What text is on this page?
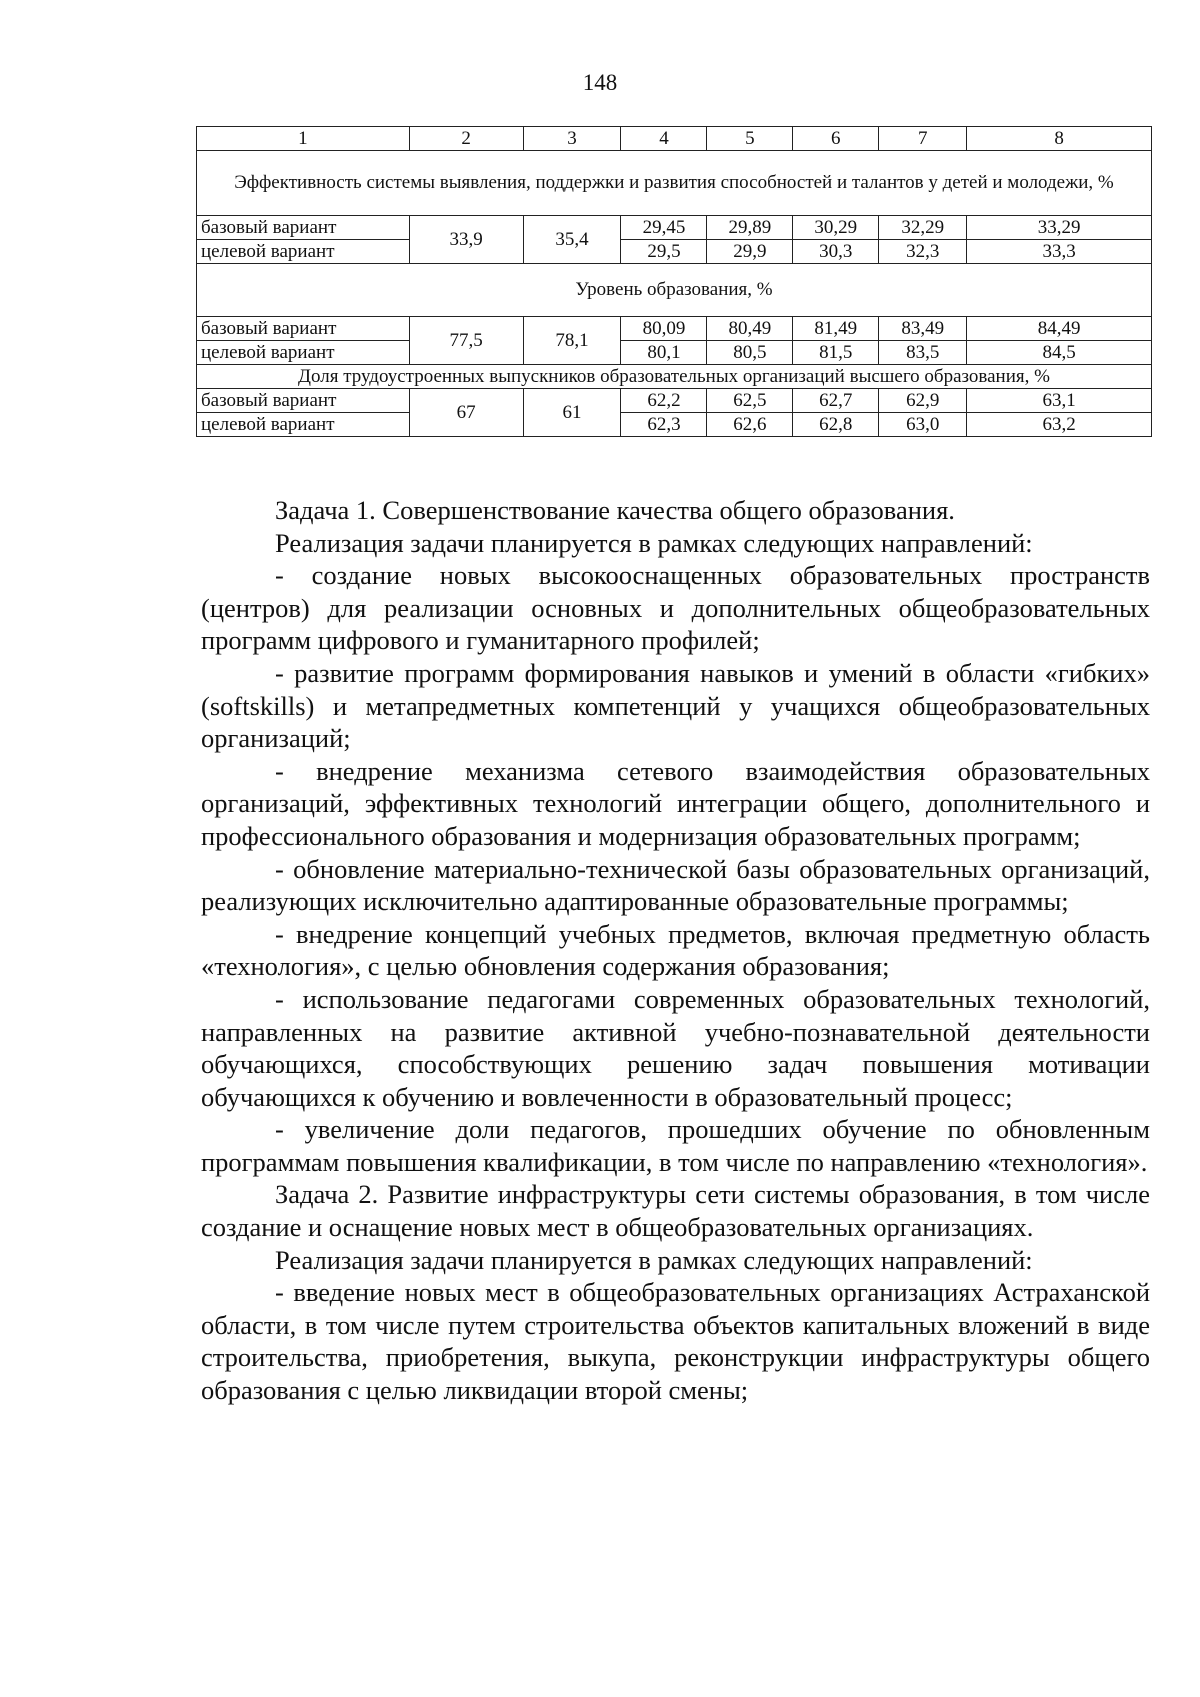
148
1	2	3	4	5	6	7	8
Эффективность системы выявления, поддержки и развития способностей и талантов у детей и молодежи, %							
базовый вариант	33,9	35,4	29,45	29,89	30,29	32,29	33,29
целевой вариант			29,5	29,9	30,3	32,3	33,3
Уровень образования, %							
базовый вариант	77,5	78,1	80,09	80,49	81,49	83,49	84,49
целевой вариант			80,1	80,5	81,5	83,5	84,5
Доля трудоустроенных выпускников образовательных организаций высшего образования, %							
базовый вариант	67	61	62,2	62,5	62,7	62,9	63,1
целевой вариант			62,3	62,6	62,8	63,0	63,2

Задача 1. Совершенствование качества общего образования.

Реализация задачи планируется в рамках следующих направлений:

- создание новых высокооснащенных образовательных пространств (центров) для реализации основных и дополнительных общеобразовательных программ цифрового и гуманитарного профилей;

- развитие программ формирования навыков и умений в области «гибких» (softskills) и метапредметных компетенций у учащихся общеобразовательных организаций;

- внедрение механизма сетевого взаимодействия образовательных организаций, эффективных технологий интеграции общего, дополнительного и профессионального образования и модернизация образовательных программ;

- обновление материально-технической базы образовательных организаций, реализующих исключительно адаптированные образовательные программы;

- внедрение концепций учебных предметов, включая предметную область «технология», с целью обновления содержания образования;

- использование педагогами современных образовательных технологий, направленных на развитие активной учебно-познавательной деятельности обучающихся, способствующих решению задач повышения мотивации обучающихся к обучению и вовлеченности в образовательный процесс;

- увеличение доли педагогов, прошедших обучение по обновленным программам повышения квалификации, в том числе по направлению «технология».

Задача 2. Развитие инфраструктуры сети системы образования, в том числе создание и оснащение новых мест в общеобразовательных организациях.

Реализация задачи планируется в рамках следующих направлений:

- введение новых мест в общеобразовательных организациях Астраханской области, в том числе путем строительства объектов капитальных вложений в виде строительства, приобретения, выкупа, реконструкции инфраструктуры общего образования с целью ликвидации второй смены;
